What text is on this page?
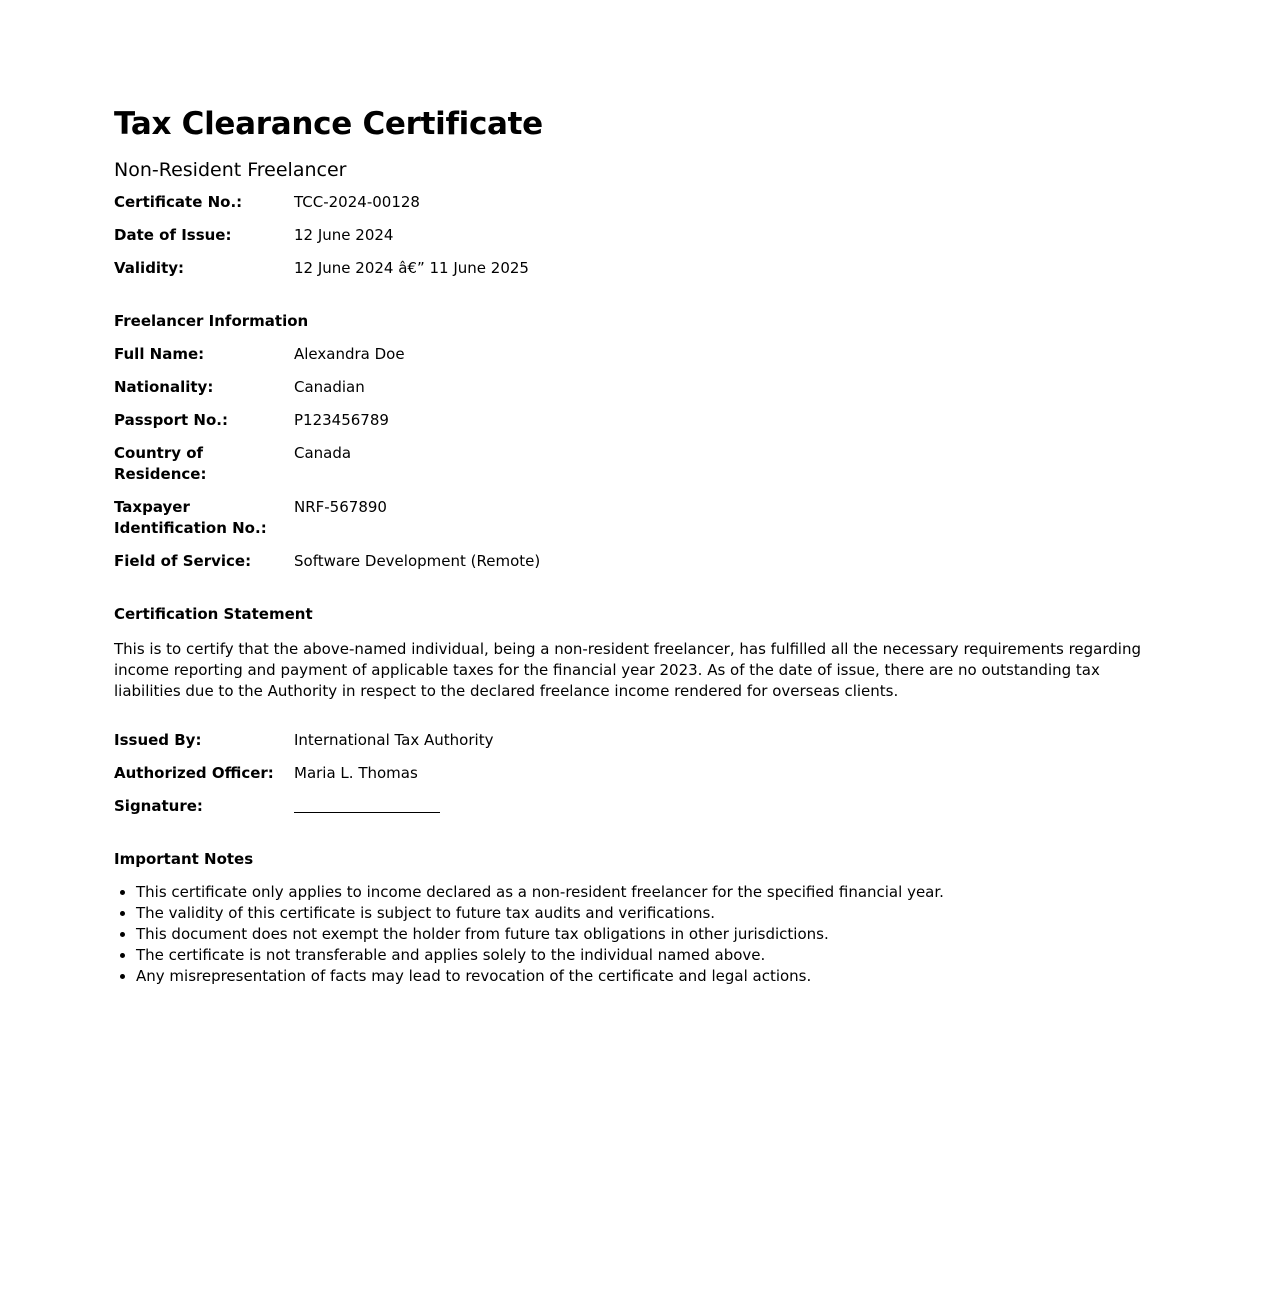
Tax Clearance Certificate
Non-Resident Freelancer
Certificate No.:	TCC-2024-00128

Date of Issue:	12 June 2024

Validity:	12 June 2024 â€” 11 June 2025
Freelancer Information
Full Name:	Alexandra Doe

Nationality:	Canadian

Passport No.:	P123456789

Country of Residence:	Canada

Taxpayer Identification No.:	NRF-567890

Field of Service:	Software Development (Remote)
Certification Statement

This is to certify that the above-named individual, being a non-resident freelancer, has fulfilled all the necessary requirements regarding income reporting and payment of applicable taxes for the financial year 2023. As of the date of issue, there are no outstanding tax liabilities due to the Authority in respect to the declared freelance income rendered for overseas clients.

Issued By:	International Tax Authority

Authorized Officer:	Maria L. Thomas

Signature:	

Important Notes
• This certificate only applies to income declared as a non-resident freelancer for the specified financial year.
• The validity of this certificate is subject to future tax audits and verifications.
• This document does not exempt the holder from future tax obligations in other jurisdictions.
• The certificate is not transferable and applies solely to the individual named above.
• Any misrepresentation of facts may lead to revocation of the certificate and legal actions.
